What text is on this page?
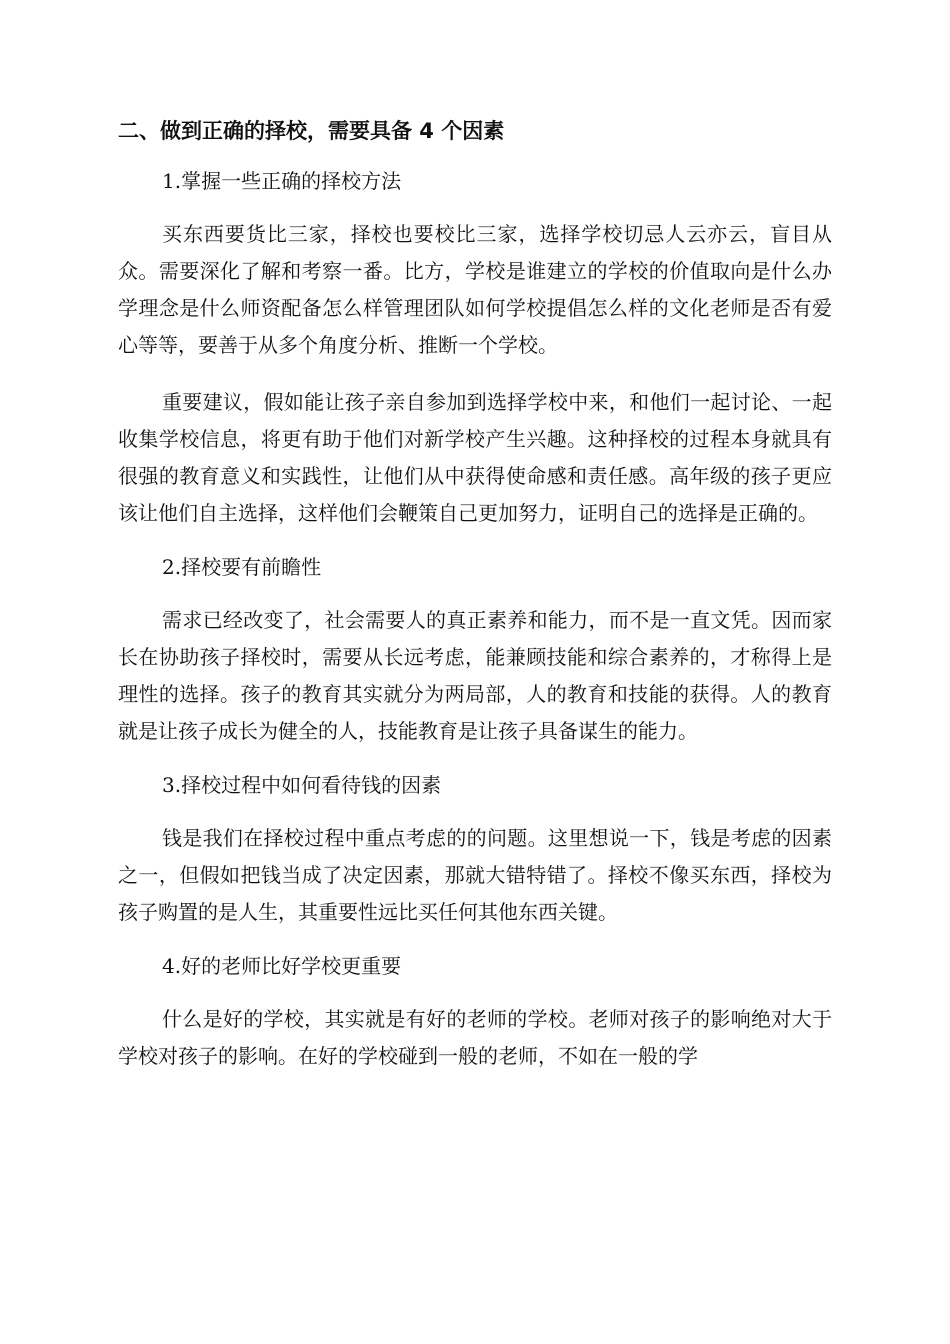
二、做到正确的择校，需要具备 4 个因素
1.掌握一些正确的择校方法

买东西要货比三家，择校也要校比三家，选择学校切忌人云亦云，盲目从众。需要深化了解和考察一番。比方，学校是谁建立的学校的价值取向是什么办学理念是什么师资配备怎么样管理团队如何学校提倡怎么样的文化老师是否有爱心等等，要善于从多个角度分析、推断一个学校。

重要建议，假如能让孩子亲自参加到选择学校中来，和他们一起讨论、一起收集学校信息，将更有助于他们对新学校产生兴趣。这种择校的过程本身就具有很强的教育意义和实践性，让他们从中获得使命感和责任感。高年级的孩子更应该让他们自主选择，这样他们会鞭策自己更加努力，证明自己的选择是正确的。

2.择校要有前瞻性

需求已经改变了，社会需要人的真正素养和能力，而不是一直文凭。因而家长在协助孩子择校时，需要从长远考虑，能兼顾技能和综合素养的，才称得上是理性的选择。孩子的教育其实就分为两局部，人的教育和技能的获得。人的教育就是让孩子成长为健全的人，技能教育是让孩子具备谋生的能力。

3.择校过程中如何看待钱的因素

钱是我们在择校过程中重点考虑的的问题。这里想说一下，钱是考虑的因素之一，但假如把钱当成了决定因素，那就大错特错了。择校不像买东西，择校为孩子购置的是人生，其重要性远比买任何其他东西关键。

4.好的老师比好学校更重要

什么是好的学校，其实就是有好的老师的学校。老师对孩子的影响绝对大于学校对孩子的影响。在好的学校碰到一般的老师，不如在一般的学
